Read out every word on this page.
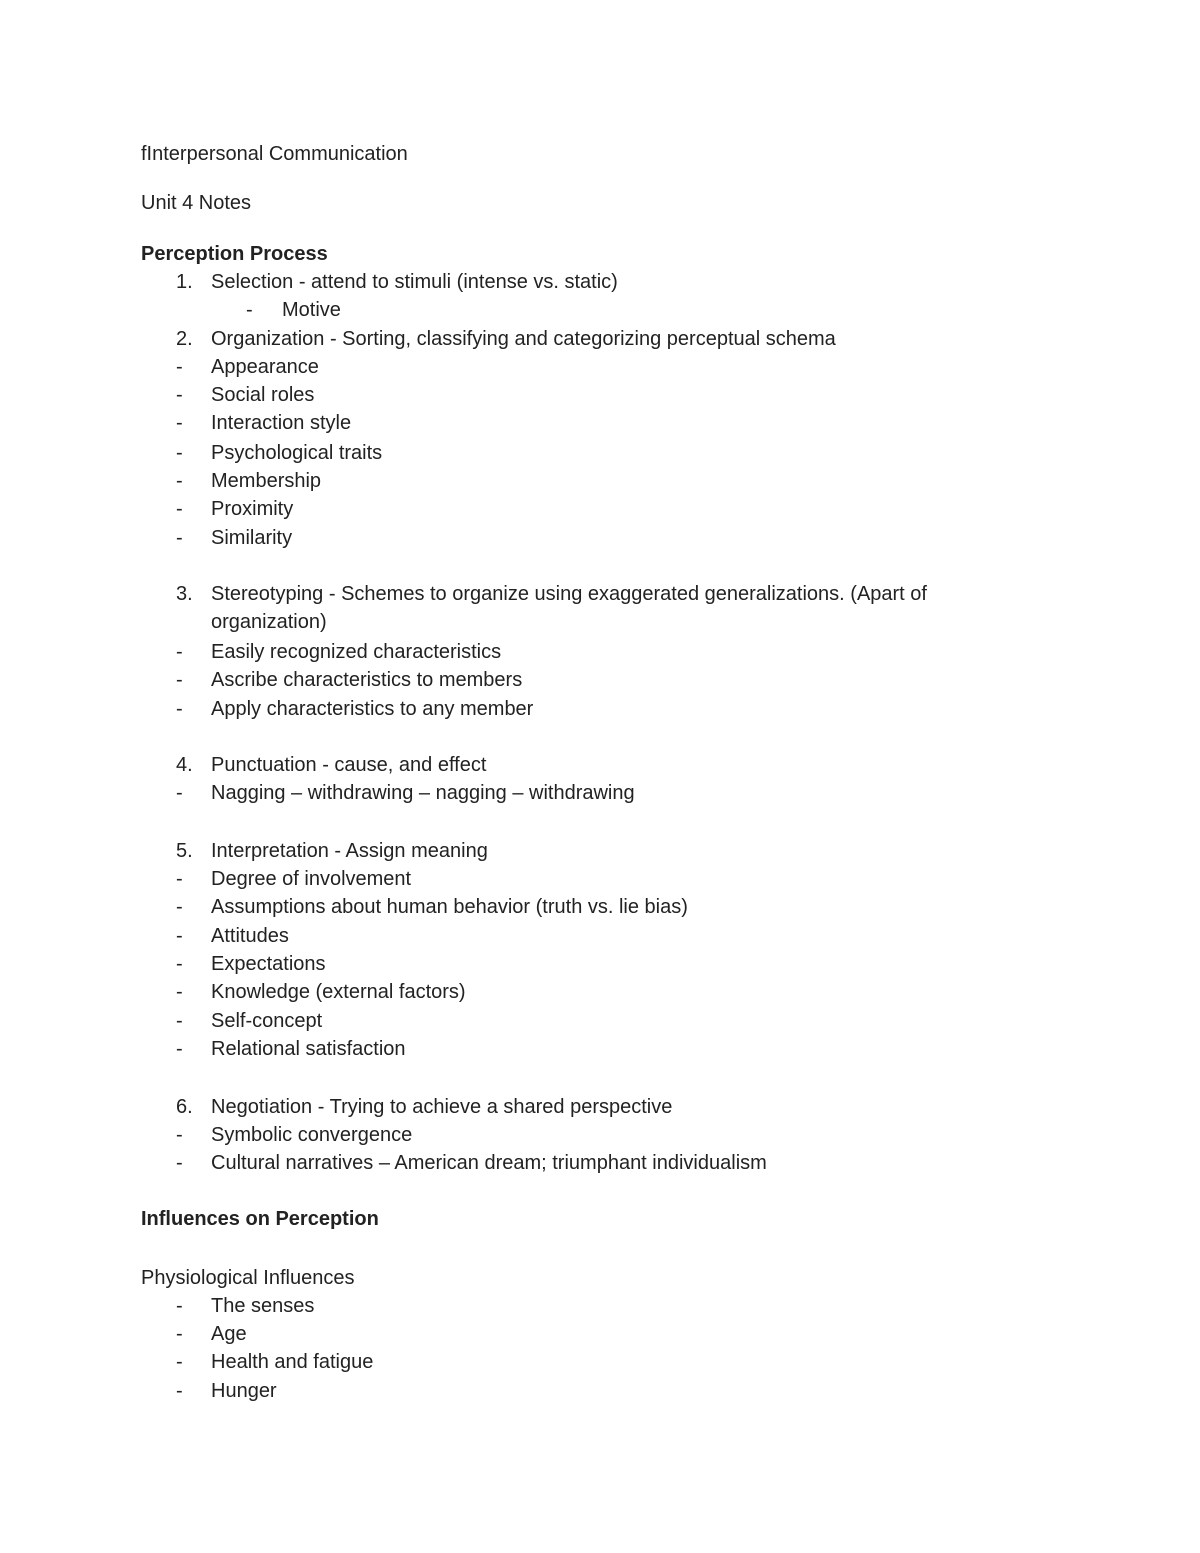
fInterpersonal Communication
Unit 4 Notes
Perception Process
1. Selection - attend to stimuli (intense vs. static)
- Motive
2. Organization - Sorting, classifying and categorizing perceptual schema
- Appearance
- Social roles
- Interaction style
- Psychological traits
- Membership
- Proximity
- Similarity
3. Stereotyping - Schemes to organize using exaggerated generalizations. (Apart of
organization)
- Easily recognized characteristics
- Ascribe characteristics to members
- Apply characteristics to any member
4. Punctuation - cause, and effect
- Nagging – withdrawing – nagging – withdrawing
5. Interpretation - Assign meaning
- Degree of involvement
- Assumptions about human behavior (truth vs. lie bias)
- Attitudes
- Expectations
- Knowledge (external factors)
- Self-concept
- Relational satisfaction
6. Negotiation - Trying to achieve a shared perspective
- Symbolic convergence
- Cultural narratives – American dream; triumphant individualism
Influences on Perception
Physiological Influences
- The senses
- Age
- Health and fatigue
- Hunger
